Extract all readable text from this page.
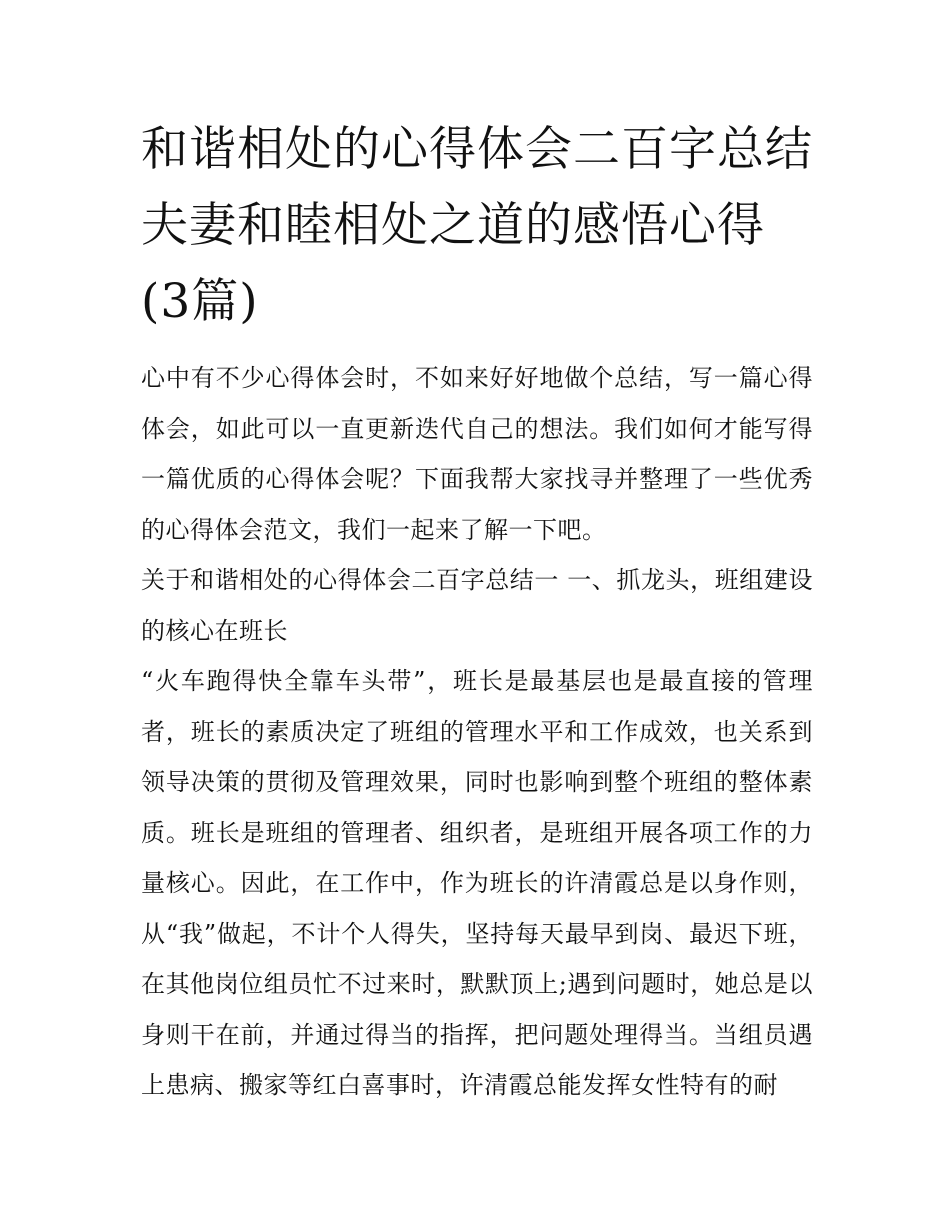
和谐相处的心得体会二百字总结 夫妻和睦相处之道的感悟心得(3篇)

心中有不少心得体会时，不如来好好地做个总结，写一篇心得体会，如此可以一直更新迭代自己的想法。我们如何才能写得一篇优质的心得体会呢？下面我帮大家找寻并整理了一些优秀的心得体会范文，我们一起来了解一下吧。

关于和谐相处的心得体会二百字总结一 一、抓龙头，班组建设的核心在班长

“火车跑得快全靠车头带”，班长是最基层也是最直接的管理者，班长的素质决定了班组的管理水平和工作成效，也关系到领导决策的贯彻及管理效果，同时也影响到整个班组的整体素质。班长是班组的管理者、组织者，是班组开展各项工作的力量核心。因此，在工作中，作为班长的许清霞总是以身作则，从“我”做起，不计个人得失，坚持每天最早到岗、最迟下班，在其他岗位组员忙不过来时，默默顶上;遇到问题时，她总是以身则干在前，并通过得当的指挥，把问题处理得当。当组员遇上患病、搬家等红白喜事时，许清霞总能发挥女性特有的耐
